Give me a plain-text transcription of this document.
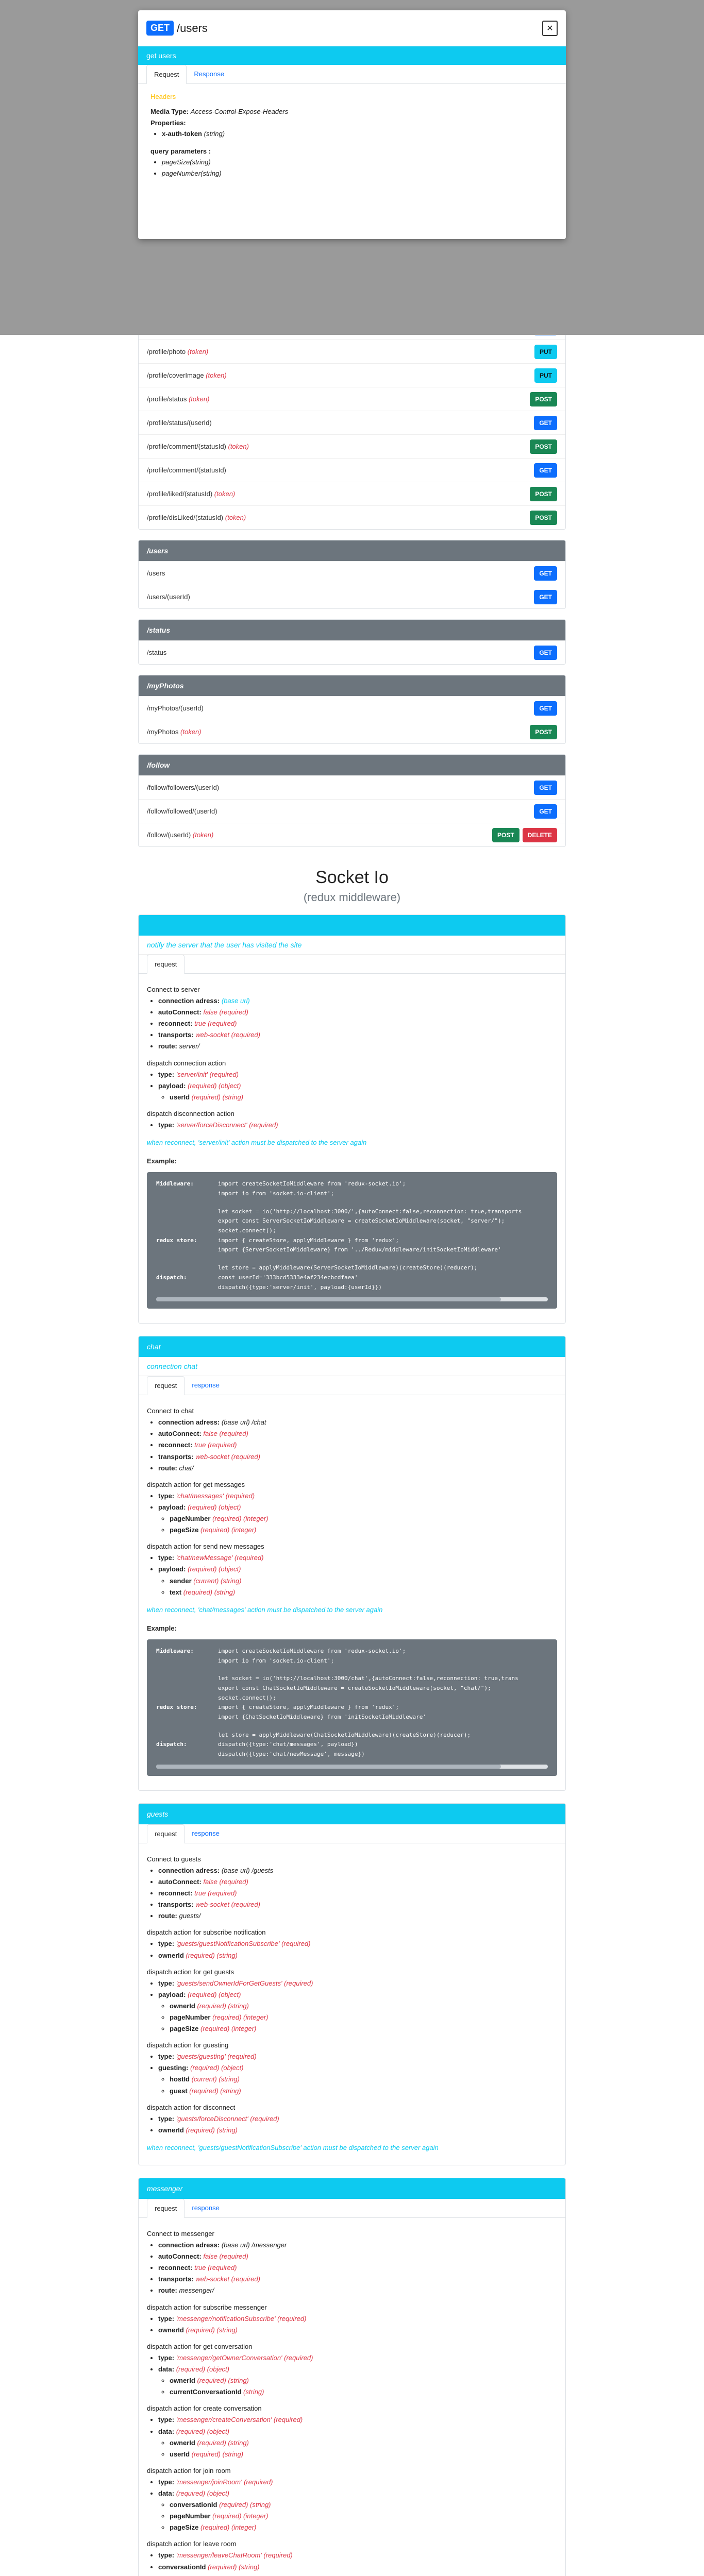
GET /users	✕
get users
Request	Response
Headers
Media Type: Access-Control-Expose-Headers
Properties:
• x-auth-token (string)
query parameters :
• pageSize(string)
• pageNumber(string)
/profile/photo (token)	PUT
/profile/coverImage (token)	PUT
/profile/status (token)	POST
/profile/status/(userId)	GET
/profile/comment/(statusId) (token)	POST
/profile/comment/(statusId)	GET
/profile/liked/(statusId) (token)	POST
/profile/disLiked/(statusId) (token)	POST
/users
/users	GET
/users/(userId)	GET
/status
/status	GET
/myPhotos
/myPhotos/(userId)	GET
/myPhotos (token)	POST
/follow
/follow/followers/(userId)	GET
/follow/followed/(userId)	GET
/follow/(userId) (token)	POST	DELETE
Socket Io
(redux middleware)
notify the server that the user has visited the site
request
Connect to server
• connection adress: (base url)
• autoConnect: false (required)
• reconnect: true (required)
• transports: web-socket (required)
• route: server/
dispatch connection action
• type: 'server/init' (required)
• payload: (required) (object)
◦ userId (required) (string)
dispatch disconnection action
• type: 'server/forceDisconnect' (required)
when reconnect, 'server/init' action must be dispatched to the server again
Example:
Middleware:	import createSocketIoMiddleware from 'redux-socket.io';
import io from 'socket.io-client';
let socket = io('http://localhost:3000/',{autoConnect:false,reconnection: true,transports
export const ServerSocketIoMiddleware = createSocketIoMiddleware(socket, "server/");
socket.connect();
redux store:	import { createStore, applyMiddleware } from 'redux';
import {ServerSocketIoMiddleware} from '../Redux/middleware/initSocketIoMiddleware'
let store = applyMiddleware(ServerSocketIoMiddleware)(createStore)(reducer);
dispatch:	const userId='333bcd5333e4af234ecbcdfaea'
dispatch({type:'server/init', payload:{userId}})
chat
connection chat
request	response
Connect to chat
• connection adress: (base url) /chat
• autoConnect: false (required)
• reconnect: true (required)
• transports: web-socket (required)
• route: chat/
dispatch action for get messages
• type: 'chat/messages' (required)
• payload: (required) (object)
◦ pageNumber (required) (integer)
◦ pageSize (required) (integer)
dispatch action for send new messages
• type: 'chat/newMessage' (required)
• payload: (required) (object)
◦ sender (current) (string)
◦ text (required) (string)
when reconnect, 'chat/messages' action must be dispatched to the server again
Example:
Middleware:	import createSocketIoMiddleware from 'redux-socket.io';
import io from 'socket.io-client';
let socket = io('http://localhost:3000/chat',{autoConnect:false,reconnection: true,trans
export const ChatSocketIoMiddleware = createSocketIoMiddleware(socket, "chat/");
socket.connect();
redux store:	import { createStore, applyMiddleware } from 'redux';
import {ChatSocketIoMiddleware} from 'initSocketIoMiddleware'
let store = applyMiddleware(ChatSocketIoMiddleware)(createStore)(reducer);
dispatch:	dispatch({type:'chat/messages', payload})
dispatch({type:'chat/newMessage', message})
guests
request	response
Connect to guests
• connection adress: (base url) /guests
• autoConnect: false (required)
• reconnect: true (required)
• transports: web-socket (required)
• route: guests/
dispatch action for subscribe notification
• type: 'guests/guestNotificationSubscribe' (required)
• ownerId (required) (string)
dispatch action for get guests
• type: 'guests/sendOwnerIdForGetGuests' (required)
• payload: (required) (object)
◦ ownerId (required) (string)
◦ pageNumber (required) (integer)
◦ pageSize (required) (integer)
dispatch action for guesting
• type: 'guests/guesting' (required)
• guesting: (required) (object)
◦ hostId (current) (string)
◦ guest (required) (string)
dispatch action for disconnect
• type: 'guests/forceDisconnect' (required)
• ownerId (required) (string)
when reconnect, 'guests/guestNotificationSubscribe' action must be dispatched to the server again
messenger
request	response
Connect to messenger
• connection adress: (base url) /messenger
• autoConnect: false (required)
• reconnect: true (required)
• transports: web-socket (required)
• route: messenger/
dispatch action for subscribe messenger
• type: 'messenger/notificationSubscribe' (required)
• ownerId (required) (string)
dispatch action for get conversation
• type: 'messenger/getOwnerConversation' (required)
• data: (required) (object)
◦ ownerId (required) (string)
◦ currentConversationId (string)
dispatch action for create conversation
• type: 'messenger/createConversation' (required)
• data: (required) (object)
◦ ownerId (required) (string)
◦ userId (required) (string)
dispatch action for join room
• type: 'messenger/joinRoom' (required)
• data: (required) (object)
◦ conversationId (required) (string)
◦ pageNumber (required) (integer)
◦ pageSize (required) (integer)
dispatch action for leave room
• type: 'messenger/leaveChatRoom' (required)
• conversationId (required) (string)
